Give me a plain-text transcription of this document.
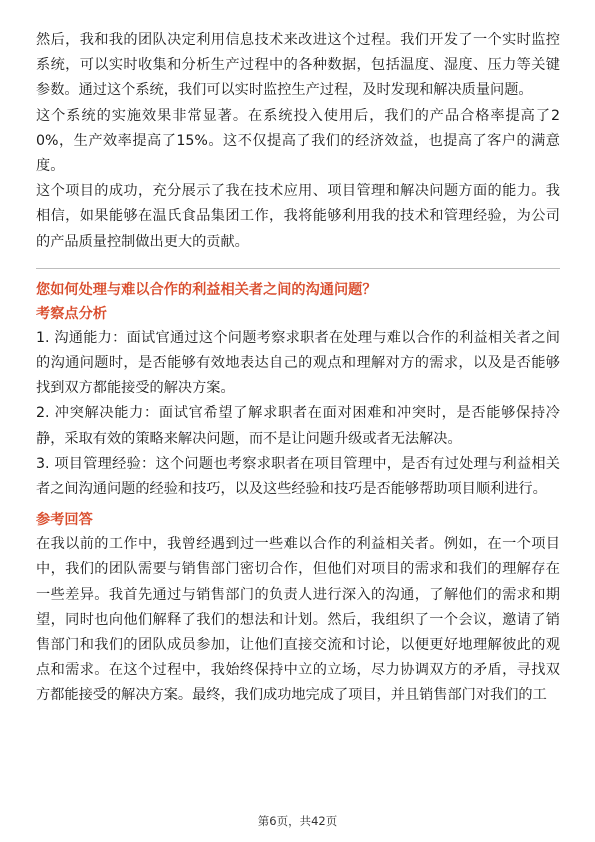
然后，我和我的团队决定利用信息技术来改进这个过程。我们开发了一个实时监控系统，可以实时收集和分析生产过程中的各种数据，包括温度、湿度、压力等关键参数。通过这个系统，我们可以实时监控生产过程，及时发现和解决质量问题。

这个系统的实施效果非常显著。在系统投入使用后，我们的产品合格率提高了20%，生产效率提高了15%。这不仅提高了我们的经济效益，也提高了客户的满意度。

这个项目的成功，充分展示了我在技术应用、项目管理和解决问题方面的能力。我相信，如果能够在温氏食品集团工作，我将能够利用我的技术和管理经验，为公司的产品质量控制做出更大的贡献。

您如何处理与难以合作的利益相关者之间的沟通问题？

考察点分析

1. 沟通能力：面试官通过这个问题考察求职者在处理与难以合作的利益相关者之间的沟通问题时，是否能够有效地表达自己的观点和理解对方的需求，以及是否能够找到双方都能接受的解决方案。

2. 冲突解决能力：面试官希望了解求职者在面对困难和冲突时，是否能够保持冷静，采取有效的策略来解决问题，而不是让问题升级或者无法解决。

3. 项目管理经验：这个问题也考察求职者在项目管理中，是否有过处理与利益相关者之间沟通问题的经验和技巧，以及这些经验和技巧是否能够帮助项目顺利进行。

参考回答

在我以前的工作中，我曾经遇到过一些难以合作的利益相关者。例如，在一个项目中，我们的团队需要与销售部门密切合作，但他们对项目的需求和我们的理解存在一些差异。我首先通过与销售部门的负责人进行深入的沟通，了解他们的需求和期望，同时也向他们解释了我们的想法和计划。然后，我组织了一个会议，邀请了销售部门和我们的团队成员参加，让他们直接交流和讨论，以便更好地理解彼此的观点和需求。在这个过程中，我始终保持中立的立场，尽力协调双方的矛盾，寻找双方都能接受的解决方案。最终，我们成功地完成了项目，并且销售部门对我们的工

第6页，共42页
